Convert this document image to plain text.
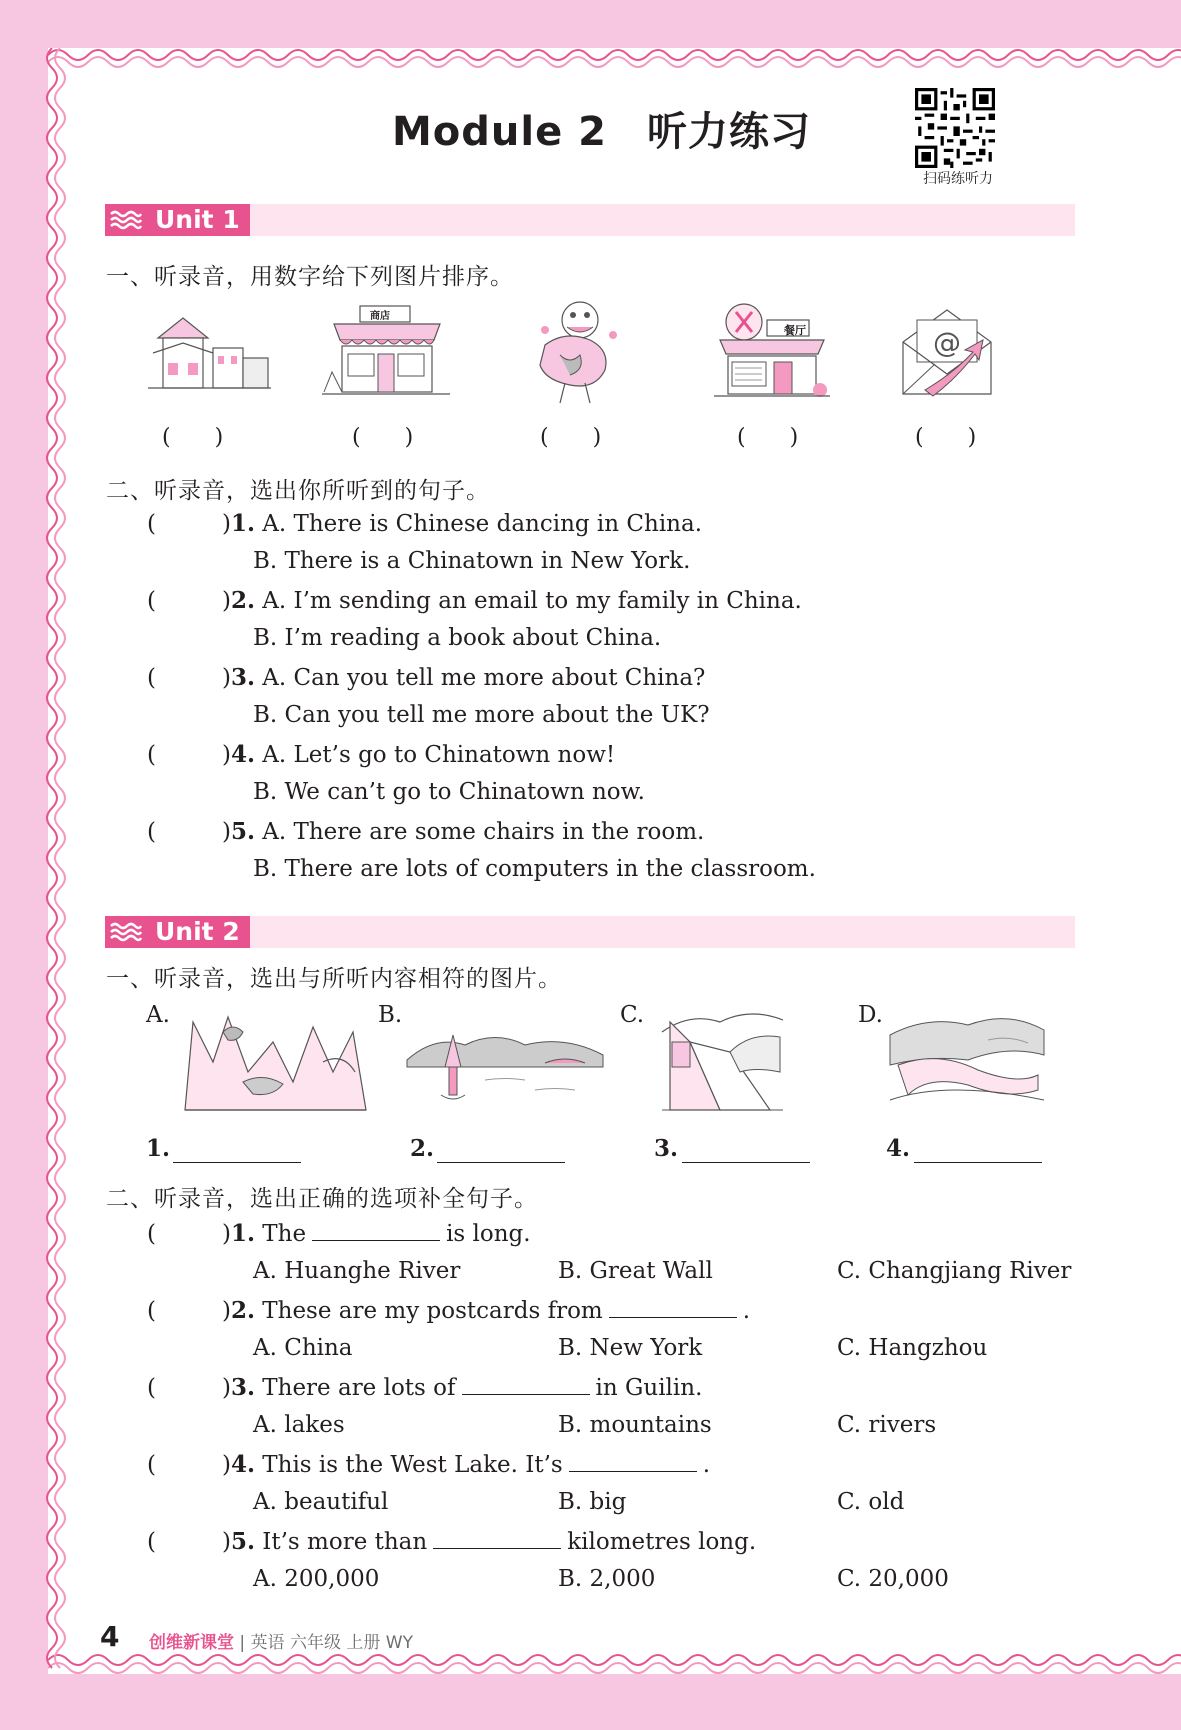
Module 2 听力练习
扫码练听力
Unit 1
一、听录音，用数字给下列图片排序。
商店
餐厅	@
(　　)	(　　)	(　　)	(　　)	(　　)
二、听录音，选出你所听到的句子。
(	)1. A. There is Chinese dancing in China.
B. There is a Chinatown in New York.
(	)2. A. I’m sending an email to my family in China.
B. I’m reading a book about China.
(	)3. A. Can you tell me more about China?
B. Can you tell me more about the UK?
(	)4. A. Let’s go to Chinatown now!
B. We can’t go to Chinatown now.
(	)5. A. There are some chairs in the room.
B. There are lots of computers in the classroom.
Unit 2
一、听录音，选出与所听内容相符的图片。
A.	B.	C.	D.
1.	2.	3.	4.
二、听录音，选出正确的选项补全句子。
(	)1. The	is long.
A. Huanghe River	B. Great Wall	C. Changjiang River
(	)2. These are my postcards from	.
A. China	B. New York	C. Hangzhou
(	)3. There are lots of	in Guilin.
A. lakes	B. mountains	C. rivers
(	)4. This is the West Lake. It’s	.
A. beautiful	B. big	C. old
(	)5. It’s more than	kilometres long.
A. 200,000	B. 2,000	C. 20,000
4 创维新课堂 | 英语 六年级 上册 WY
